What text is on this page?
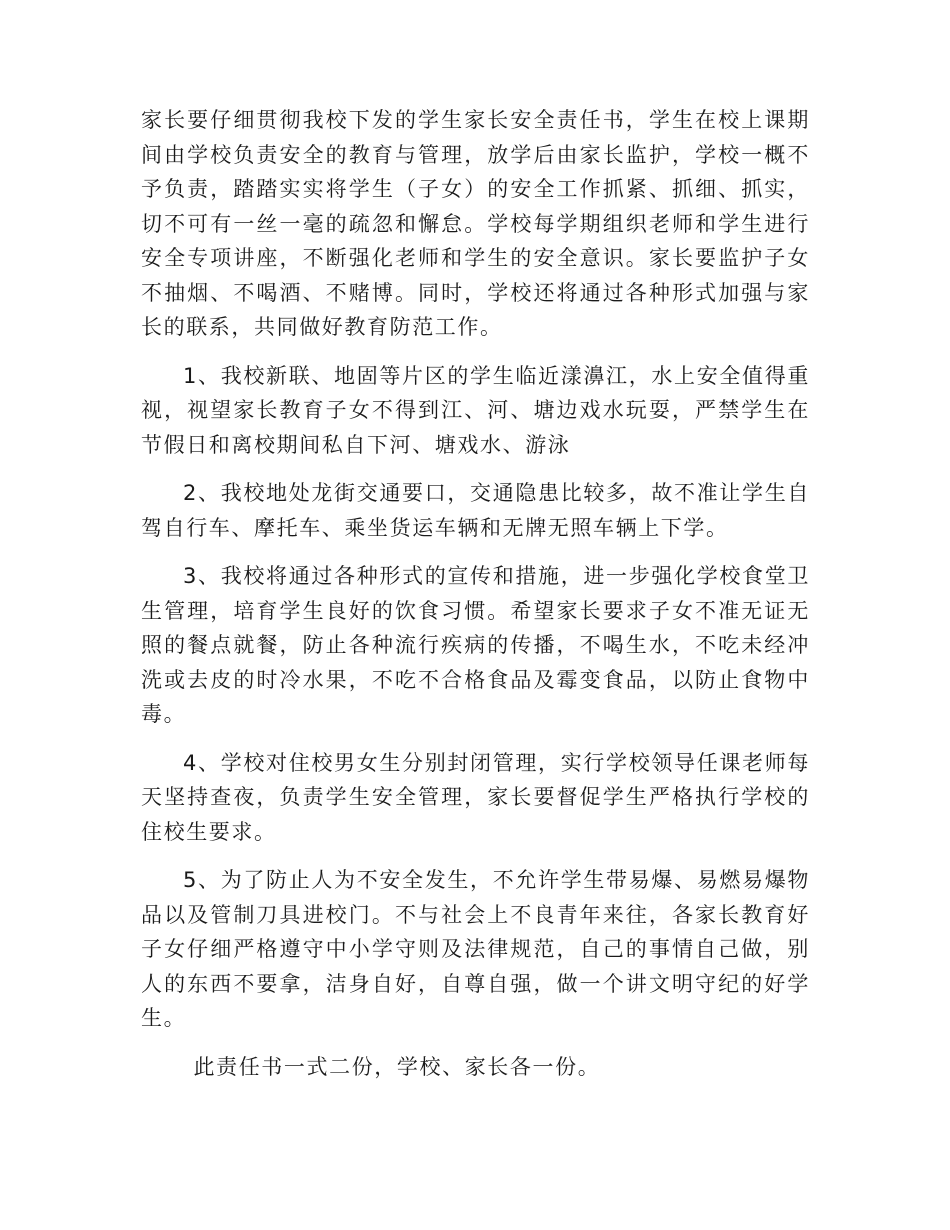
家长要仔细贯彻我校下发的学生家长安全责任书，学生在校上课期间由学校负责安全的教育与管理，放学后由家长监护，学校一概不予负责，踏踏实实将学生（子女）的安全工作抓紧、抓细、抓实，切不可有一丝一毫的疏忽和懈怠。学校每学期组织老师和学生进行安全专项讲座，不断强化老师和学生的安全意识。家长要监护子女不抽烟、不喝酒、不赌博。同时，学校还将通过各种形式加强与家长的联系，共同做好教育防范工作。

1、我校新联、地固等片区的学生临近漾濞江，水上安全值得重视，视望家长教育子女不得到江、河、塘边戏水玩耍，严禁学生在节假日和离校期间私自下河、塘戏水、游泳

2、我校地处龙街交通要口，交通隐患比较多，故不准让学生自驾自行车、摩托车、乘坐货运车辆和无牌无照车辆上下学。

3、我校将通过各种形式的宣传和措施，进一步强化学校食堂卫生管理，培育学生良好的饮食习惯。希望家长要求子女不准无证无照的餐点就餐，防止各种流行疾病的传播，不喝生水，不吃未经冲洗或去皮的时冷水果，不吃不合格食品及霉变食品，以防止食物中毒。

4、学校对住校男女生分别封闭管理，实行学校领导任课老师每天坚持查夜，负责学生安全管理，家长要督促学生严格执行学校的住校生要求。

5、为了防止人为不安全发生，不允许学生带易爆、易燃易爆物品以及管制刀具进校门。不与社会上不良青年来往，各家长教育好子女仔细严格遵守中小学守则及法律规范，自己的事情自己做，别人的东西不要拿，洁身自好，自尊自强，做一个讲文明守纪的好学生。

此责任书一式二份，学校、家长各一份。
